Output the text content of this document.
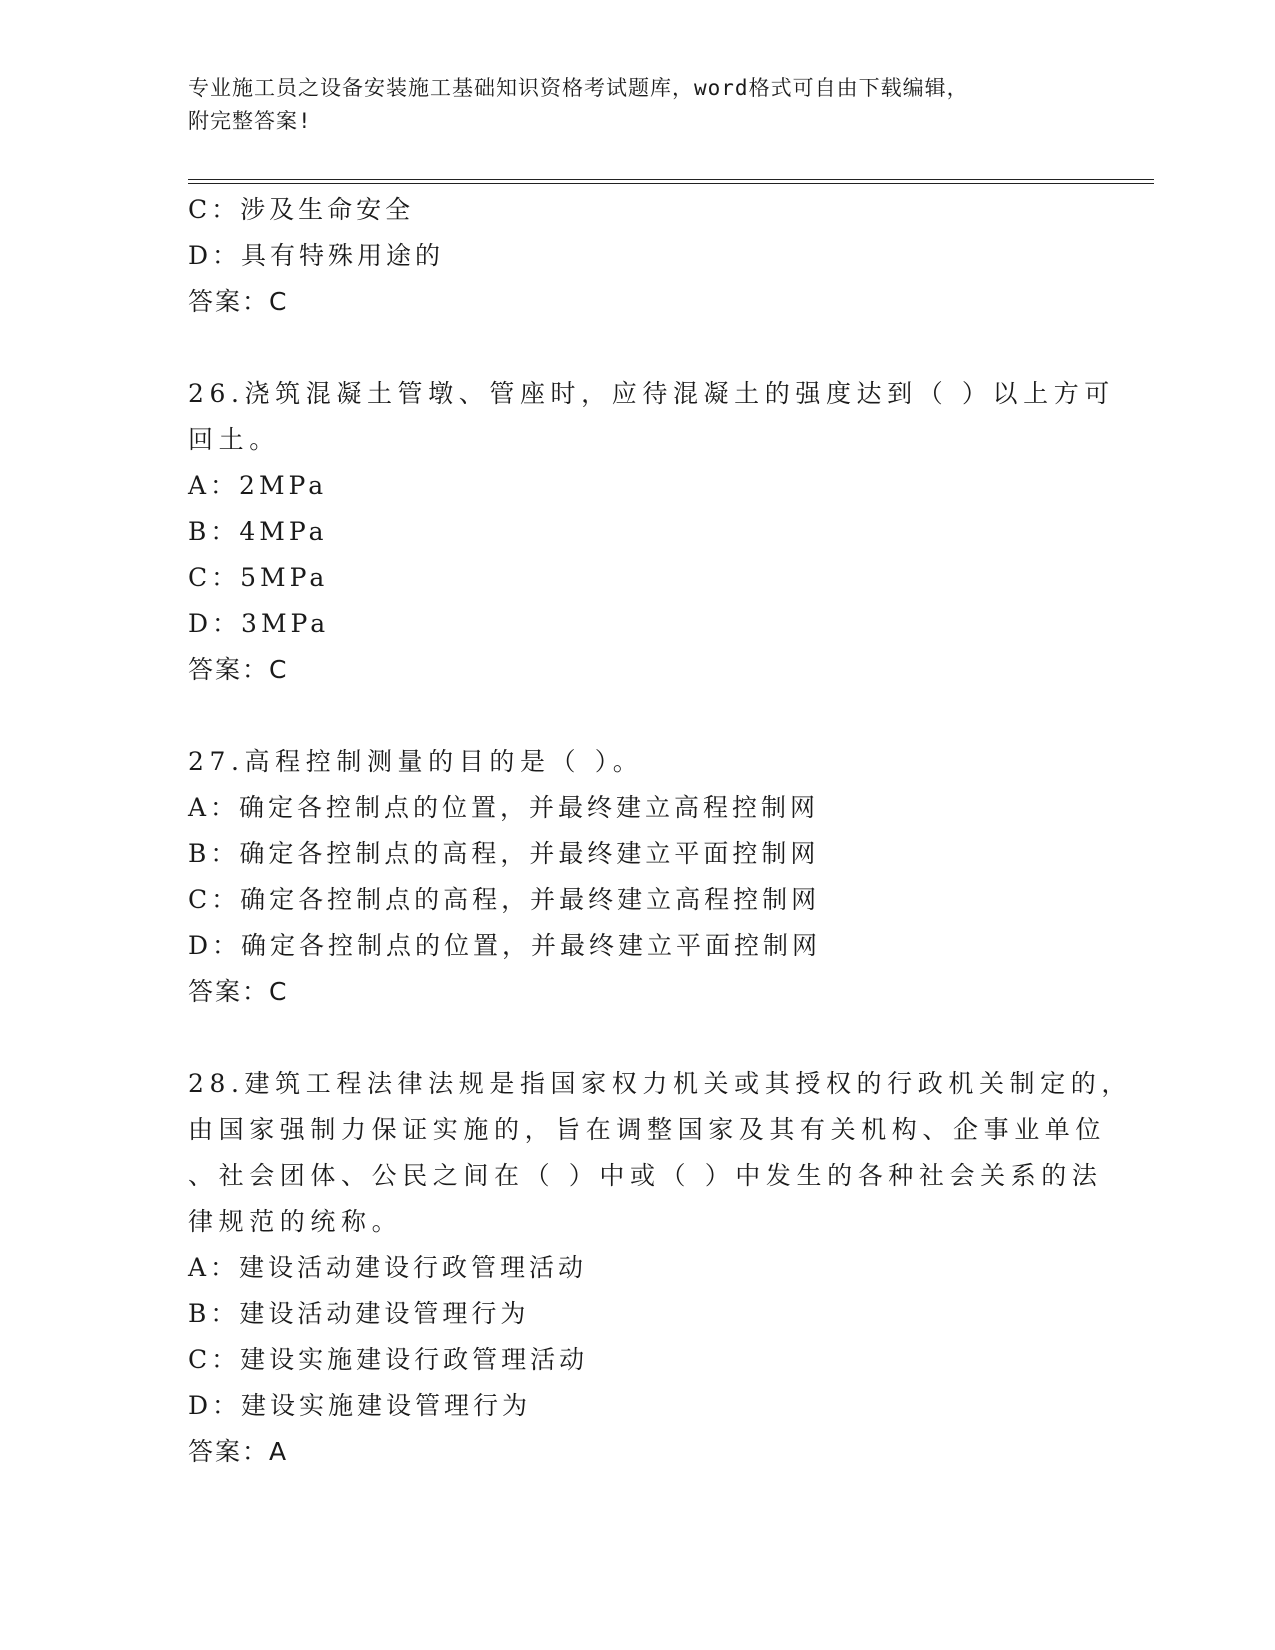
专业施工员之设备安装施工基础知识资格考试题库，word格式可自由下载编辑，
附完整答案!
C：涉及生命安全
D：具有特殊用途的
答案：C
26.浇筑混凝土管墩、管座时，应待混凝土的强度达到（ ）以上方可
回土。
A：2MPa
B：4MPa
C：5MPa
D：3MPa
答案：C
27.高程控制测量的目的是（ ）。
A：确定各控制点的位置，并最终建立高程控制网
B：确定各控制点的高程，并最终建立平面控制网
C：确定各控制点的高程，并最终建立高程控制网
D：确定各控制点的位置，并最终建立平面控制网
答案：C
28.建筑工程法律法规是指国家权力机关或其授权的行政机关制定的，
由国家强制力保证实施的，旨在调整国家及其有关机构、企事业单位
、社会团体、公民之间在（ ）中或（ ）中发生的各种社会关系的法
律规范的统称。
A：建设活动建设行政管理活动
B：建设活动建设管理行为
C：建设实施建设行政管理活动
D：建设实施建设管理行为
答案：A
